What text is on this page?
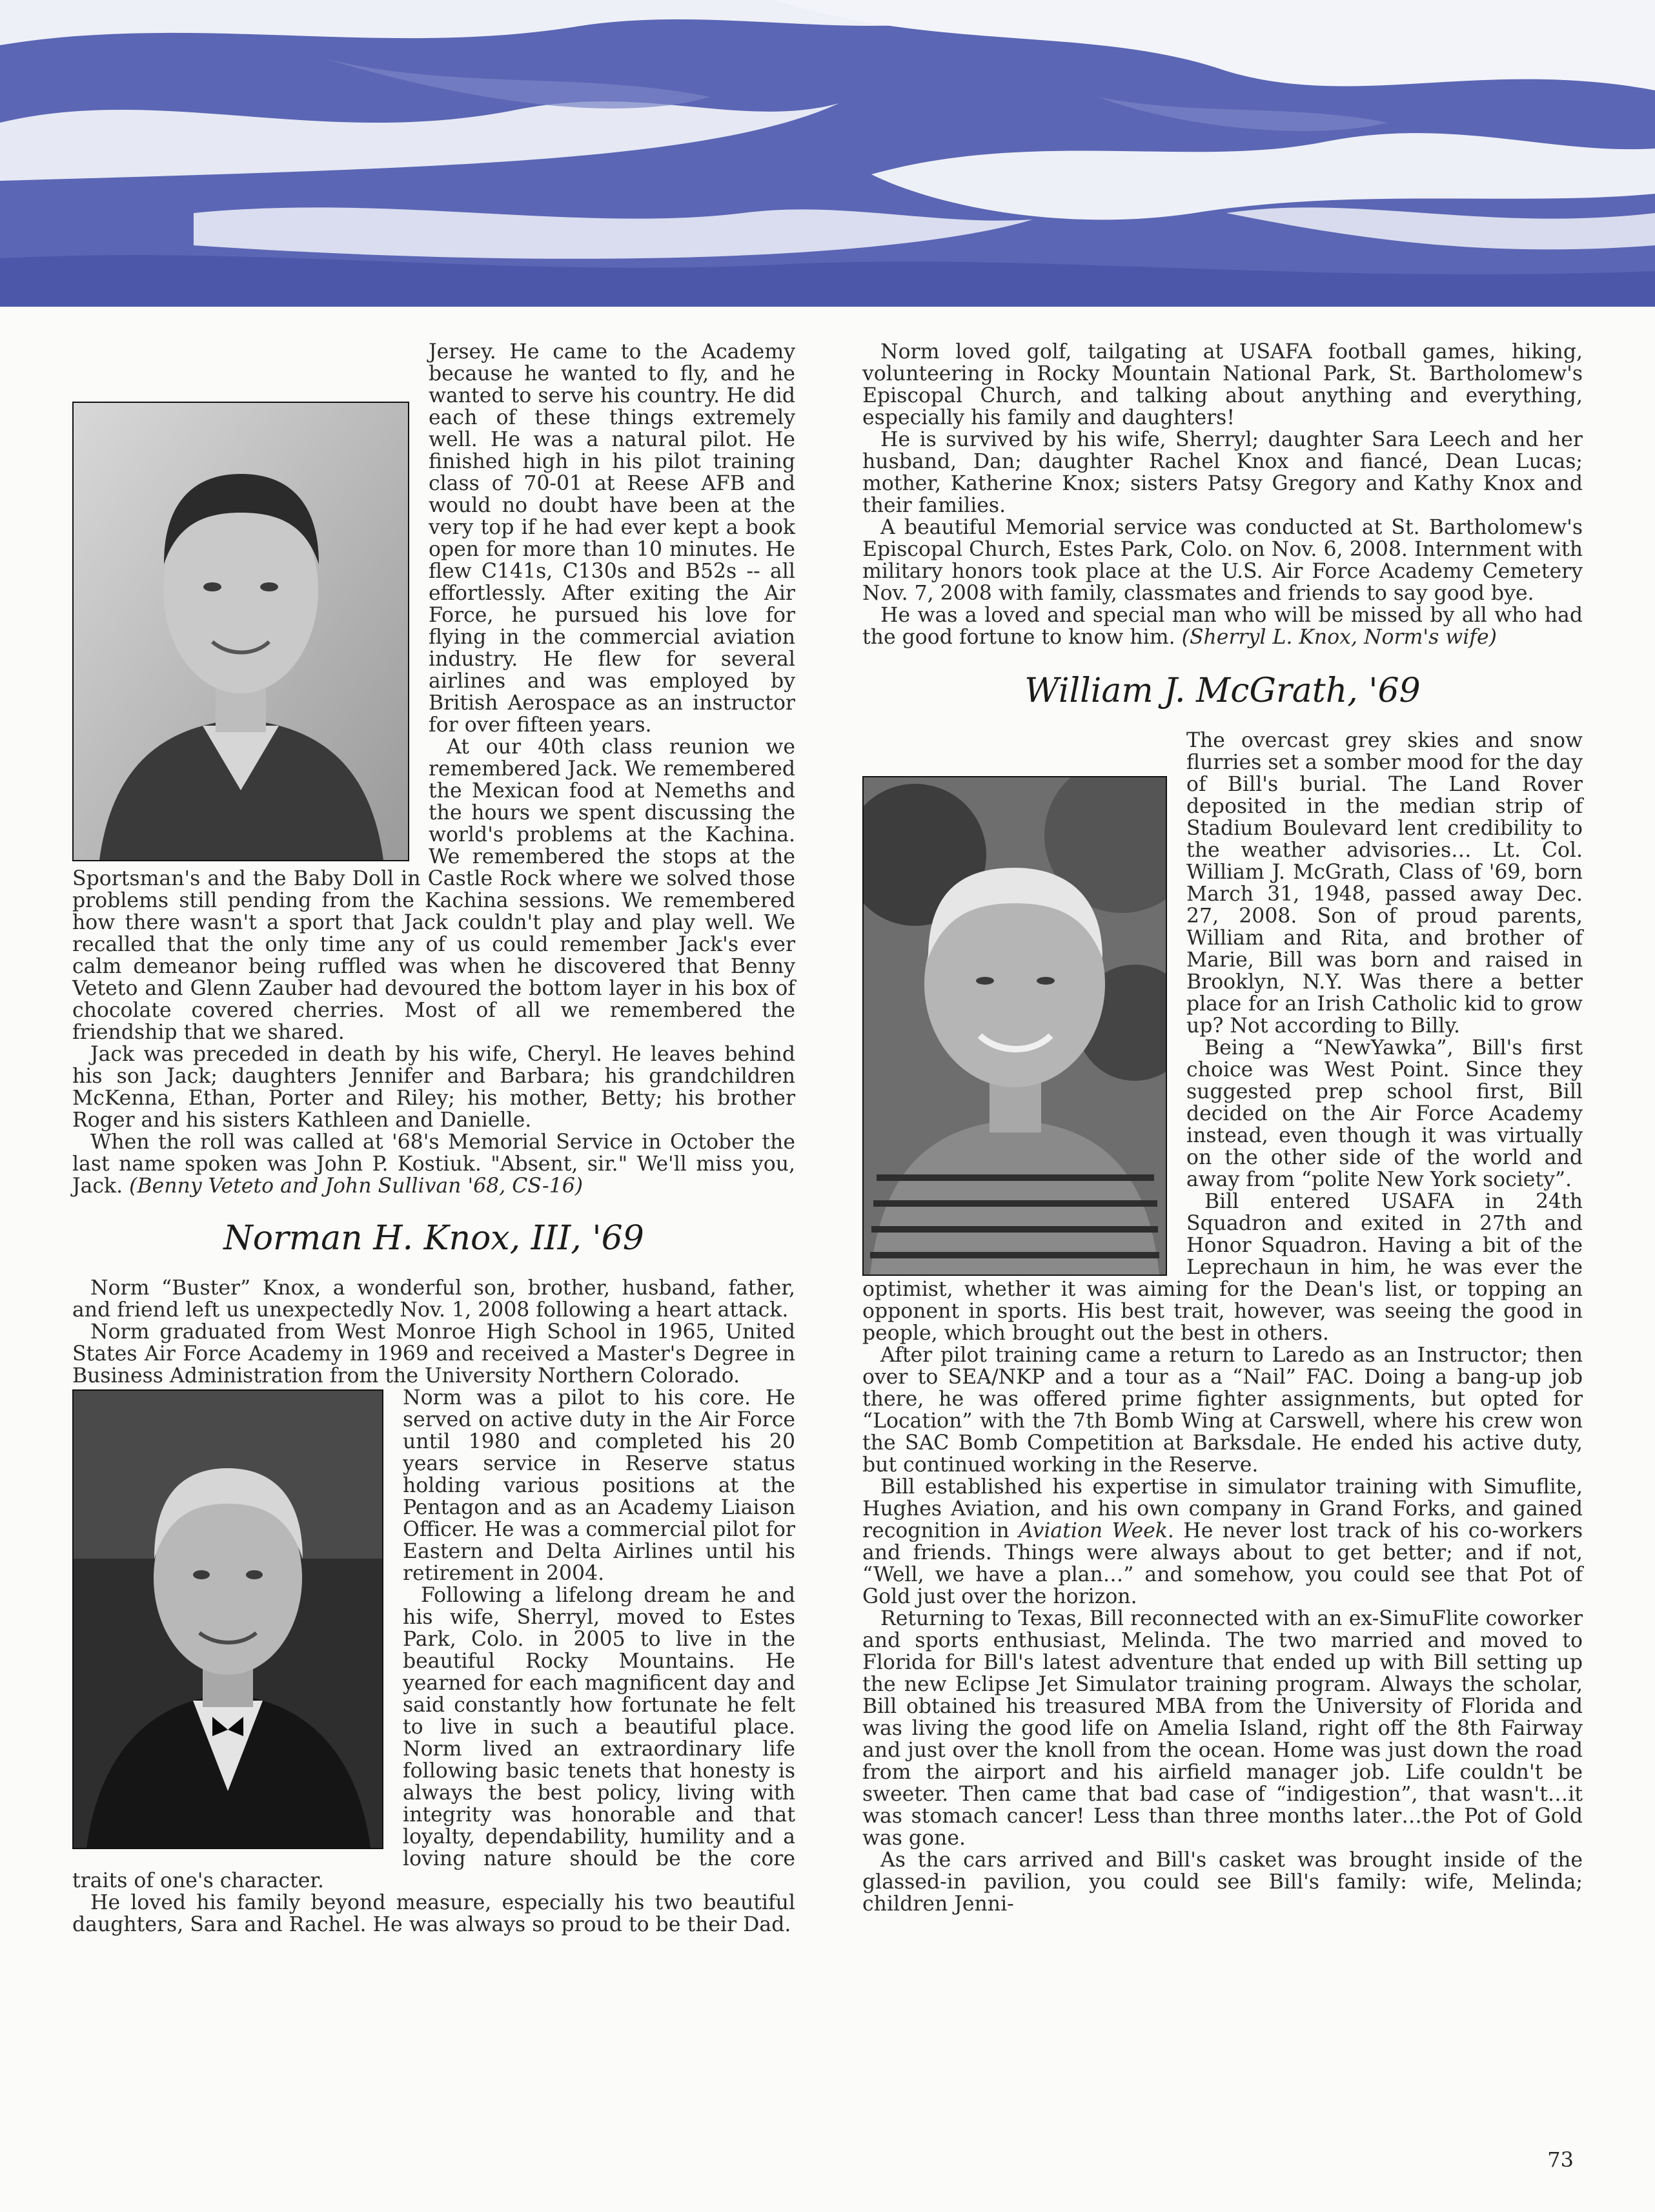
Jersey. He came to the Academy because he wanted to fly, and he wanted to serve his country. He did each of these things extremely well. He was a natural pilot. He finished high in his pilot training class of 70-01 at Reese AFB and would no doubt have been at the very top if he had ever kept a book open for more than 10 minutes. He flew C141s, C130s and B52s -- all effortlessly. After exiting the Air Force, he pursued his love for flying in the commercial aviation industry. He flew for several airlines and was employed by British Aerospace as an instructor for over fifteen years.

At our 40th class reunion we remembered Jack. We remembered the Mexican food at Nemeths and the hours we spent discussing the world's problems at the Kachina. We remembered the stops at the Sportsman's and the Baby Doll in Castle Rock where we solved those problems still pending from the Kachina sessions. We remembered how there wasn't a sport that Jack couldn't play and play well. We recalled that the only time any of us could remember Jack's ever calm demeanor being ruffled was when he discovered that Benny Veteto and Glenn Zauber had devoured the bottom layer in his box of chocolate covered cherries. Most of all we remembered the friendship that we shared.

Jack was preceded in death by his wife, Cheryl. He leaves behind his son Jack; daughters Jennifer and Barbara; his grandchildren McKenna, Ethan, Porter and Riley; his mother, Betty; his brother Roger and his sisters Kathleen and Danielle.

When the roll was called at '68's Memorial Service in October the last name spoken was John P. Kostiuk. "Absent, sir." We'll miss you, Jack. (Benny Veteto and John Sullivan '68, CS-16)

Norman H. Knox, III, '69

Norm “Buster” Knox, a wonderful son, brother, husband, father, and friend left us unexpectedly Nov. 1, 2008 following a heart attack.

Norm graduated from West Monroe High School in 1965, United States Air Force Academy in 1969 and received a Master's Degree in Business Administration from the University Northern Colorado.

Norm was a pilot to his core. He served on active duty in the Air Force until 1980 and completed his 20 years service in Reserve status holding various positions at the Pentagon and as an Academy Liaison Officer. He was a commercial pilot for Eastern and Delta Airlines until his retirement in 2004.

Following a lifelong dream he and his wife, Sherryl, moved to Estes Park, Colo. in 2005 to live in the beautiful Rocky Mountains. He yearned for each magnificent day and said constantly how fortunate he felt to live in such a beautiful place. Norm lived an extraordinary life following basic tenets that honesty is always the best policy, living with integrity was honorable and that loyalty, dependability, humility and a loving nature should be the core traits of one's character.

He loved his family beyond measure, especially his two beautiful daughters, Sara and Rachel. He was always so proud to be their Dad.

Norm loved golf, tailgating at USAFA football games, hiking, volunteering in Rocky Mountain National Park, St. Bartholomew's Episcopal Church, and talking about anything and everything, especially his family and daughters!

He is survived by his wife, Sherryl; daughter Sara Leech and her husband, Dan; daughter Rachel Knox and fiancé, Dean Lucas; mother, Katherine Knox; sisters Patsy Gregory and Kathy Knox and their families.

A beautiful Memorial service was conducted at St. Bartholomew's Episcopal Church, Estes Park, Colo. on Nov. 6, 2008. Internment with military honors took place at the U.S. Air Force Academy Cemetery Nov. 7, 2008 with family, classmates and friends to say good bye.

He was a loved and special man who will be missed by all who had the good fortune to know him. (Sherryl L. Knox, Norm's wife)

William J. McGrath, '69

The overcast grey skies and snow flurries set a somber mood for the day of Bill's burial. The Land Rover deposited in the median strip of Stadium Boulevard lent credibility to the weather advisories… Lt. Col. William J. McGrath, Class of '69, born March 31, 1948, passed away Dec. 27, 2008. Son of proud parents, William and Rita, and brother of Marie, Bill was born and raised in Brooklyn, N.Y. Was there a better place for an Irish Catholic kid to grow up? Not according to Billy.

Being a “NewYawka”, Bill's first choice was West Point. Since they suggested prep school first, Bill decided on the Air Force Academy instead, even though it was virtually on the other side of the world and away from “polite New York society”.

Bill entered USAFA in 24th Squadron and exited in 27th and Honor Squadron. Having a bit of the Leprechaun in him, he was ever the optimist, whether it was aiming for the Dean's list, or topping an opponent in sports. His best trait, however, was seeing the good in people, which brought out the best in others.

After pilot training came a return to Laredo as an Instructor; then over to SEA/NKP and a tour as a “Nail” FAC. Doing a bang-up job there, he was offered prime fighter assignments, but opted for “Location” with the 7th Bomb Wing at Carswell, where his crew won the SAC Bomb Competition at Barksdale. He ended his active duty, but continued working in the Reserve.

Bill established his expertise in simulator training with Simuflite, Hughes Aviation, and his own company in Grand Forks, and gained recognition in Aviation Week. He never lost track of his co-workers and friends. Things were always about to get better; and if not, “Well, we have a plan…” and somehow, you could see that Pot of Gold just over the horizon.

Returning to Texas, Bill reconnected with an ex-SimuFlite coworker and sports enthusiast, Melinda. The two married and moved to Florida for Bill's latest adventure that ended up with Bill setting up the new Eclipse Jet Simulator training program. Always the scholar, Bill obtained his treasured MBA from the University of Florida and was living the good life on Amelia Island, right off the 8th Fairway and just over the knoll from the ocean. Home was just down the road from the airport and his airfield manager job. Life couldn't be sweeter. Then came that bad case of “indigestion”, that wasn't…it was stomach cancer! Less than three months later…the Pot of Gold was gone.

As the cars arrived and Bill's casket was brought inside of the glassed-in pavilion, you could see Bill's family: wife, Melinda; children Jenni-

73
